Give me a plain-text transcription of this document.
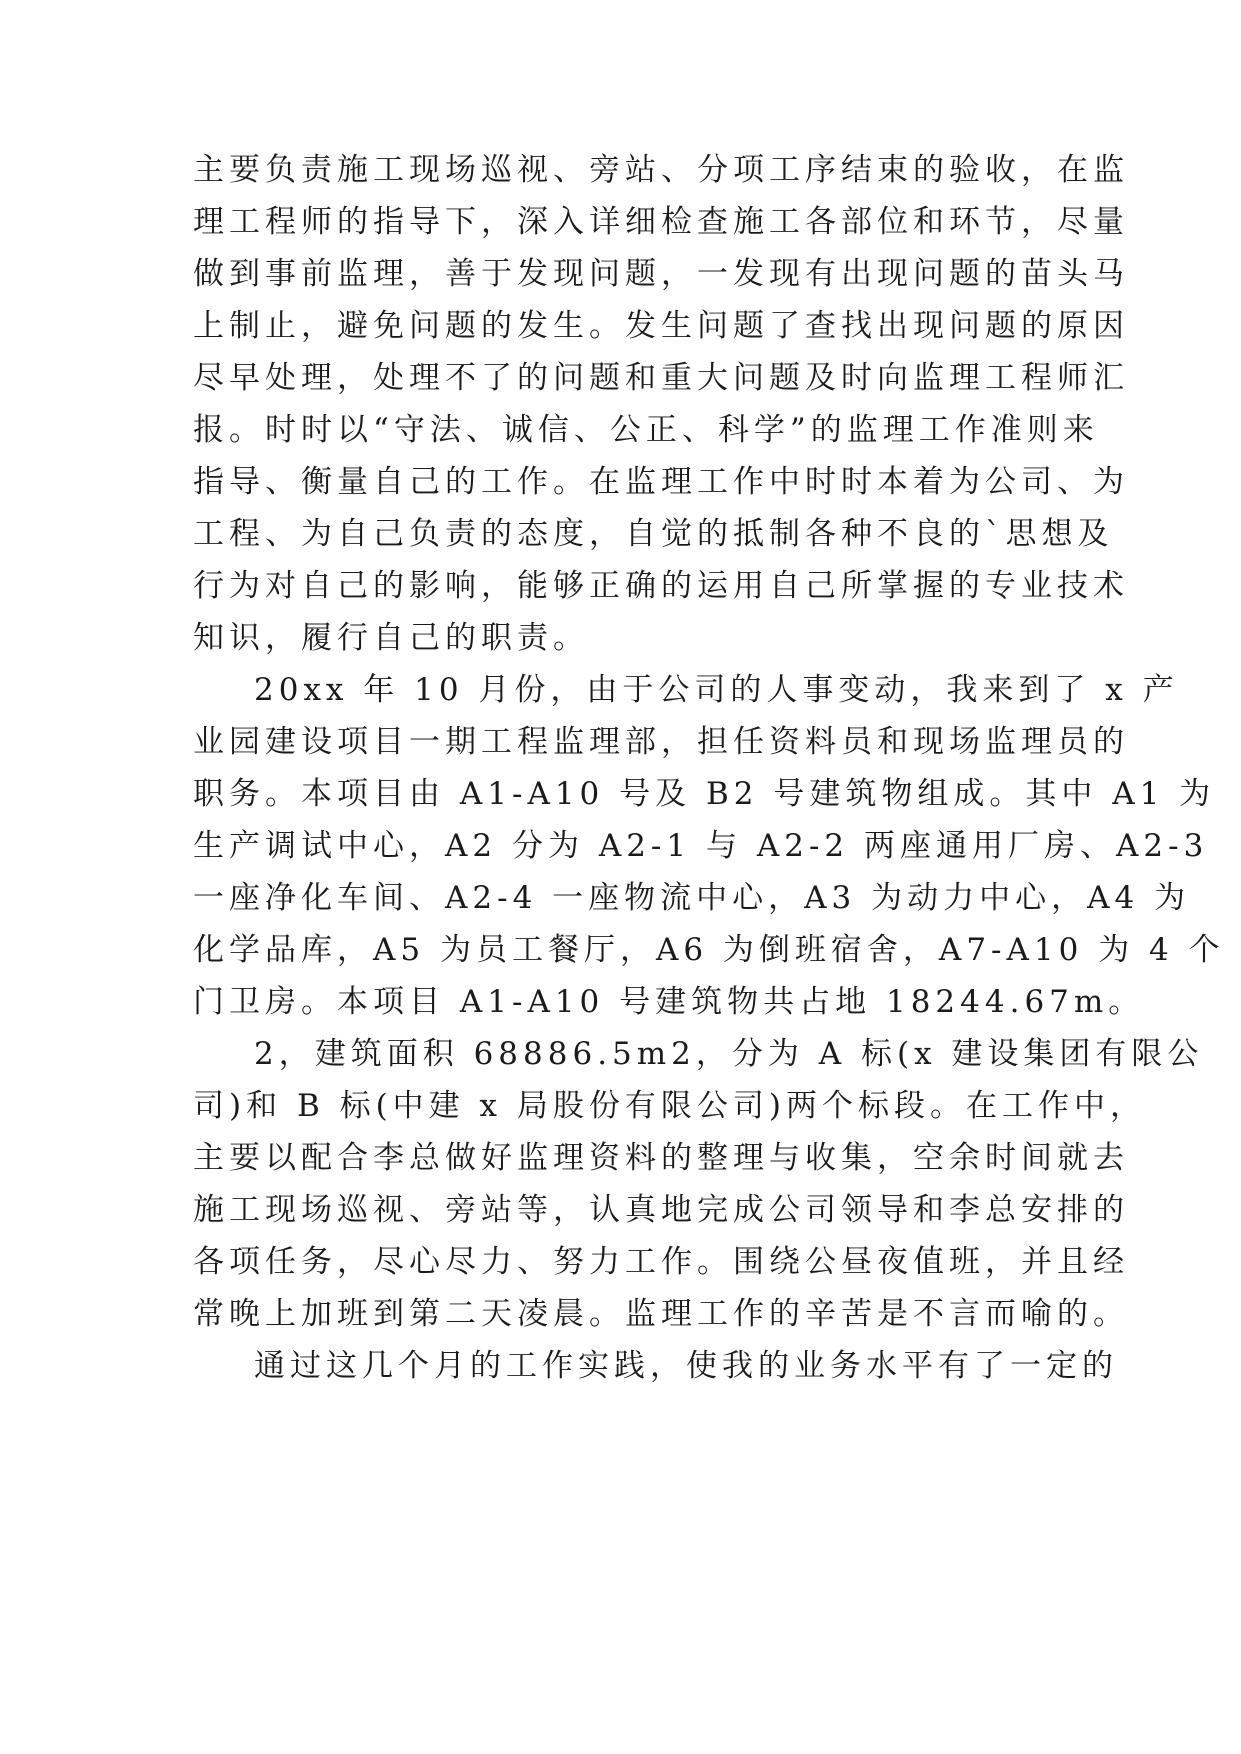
主要负责施工现场巡视、旁站、分项工序结束的验收，在监

理工程师的指导下，深入详细检查施工各部位和环节，尽量

做到事前监理，善于发现问题，一发现有出现问题的苗头马

上制止，避免问题的发生。发生问题了查找出现问题的原因

尽早处理，处理不了的问题和重大问题及时向监理工程师汇

报。时时以“守法、诚信、公正、科学”的监理工作准则来

指导、衡量自己的工作。在监理工作中时时本着为公司、为

工程、为自己负责的态度，自觉的抵制各种不良的`思想及

行为对自己的影响，能够正确的运用自己所掌握的专业技术

知识，履行自己的职责。

20xx 年 10 月份，由于公司的人事变动，我来到了 x 产

业园建设项目一期工程监理部，担任资料员和现场监理员的

职务。本项目由 A1-A10 号及 B2 号建筑物组成。其中 A1 为

生产调试中心，A2 分为 A2-1 与 A2-2 两座通用厂房、A2-3

一座净化车间、A2-4 一座物流中心，A3 为动力中心，A4 为

化学品库，A5 为员工餐厅，A6 为倒班宿舍，A7-A10 为 4 个

门卫房。本项目 A1-A10 号建筑物共占地 18244.67m。

2，建筑面积 68886.5m2，分为 A 标(x 建设集团有限公

司)和 B 标(中建 x 局股份有限公司)两个标段。在工作中，

主要以配合李总做好监理资料的整理与收集，空余时间就去

施工现场巡视、旁站等，认真地完成公司领导和李总安排的

各项任务，尽心尽力、努力工作。围绕公昼夜值班，并且经

常晚上加班到第二天凌晨。监理工作的辛苦是不言而喻的。

通过这几个月的工作实践，使我的业务水平有了一定的
